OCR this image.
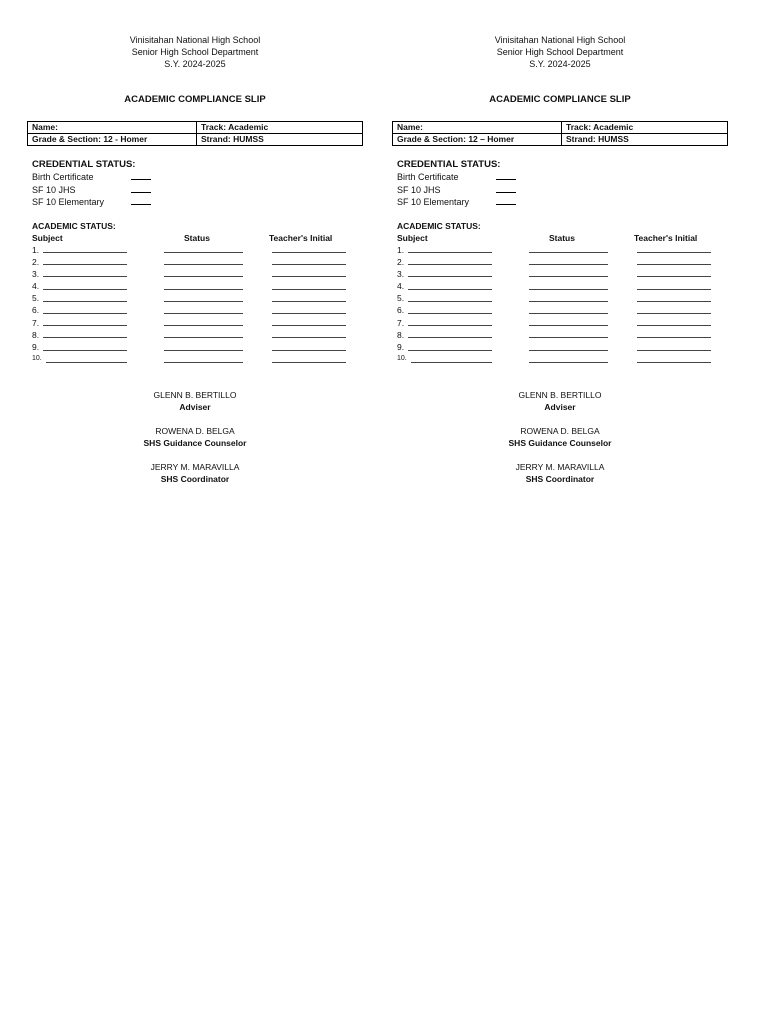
Vinisitahan National High School
Senior High School Department
S.Y. 2024-2025
ACADEMIC COMPLIANCE SLIP
Name:	Track: Academic
Grade & Section: 12 - Homer	Strand: HUMSS
CREDENTIAL STATUS:
Birth Certificate
SF 10 JHS
SF 10 Elementary
ACADEMIC STATUS:
Subject	Status	Teacher's Initial
1.
2.
3.
4.
5.
6.
7.
8.
9.
10.
GLENN B. BERTILLO
Adviser
ROWENA D. BELGA
SHS Guidance Counselor
JERRY M. MARAVILLA
SHS Coordinator
Vinisitahan National High School
Senior High School Department
S.Y. 2024-2025
ACADEMIC COMPLIANCE SLIP
Name:	Track: Academic
Grade & Section: 12 – Homer	Strand: HUMSS
CREDENTIAL STATUS:
Birth Certificate
SF 10 JHS
SF 10 Elementary
ACADEMIC STATUS:
Subject	Status	Teacher's Initial
1.
2.
3.
4.
5.
6.
7.
8.
9.
10.
GLENN B. BERTILLO
Adviser
ROWENA D. BELGA
SHS Guidance Counselor
JERRY M. MARAVILLA
SHS Coordinator
